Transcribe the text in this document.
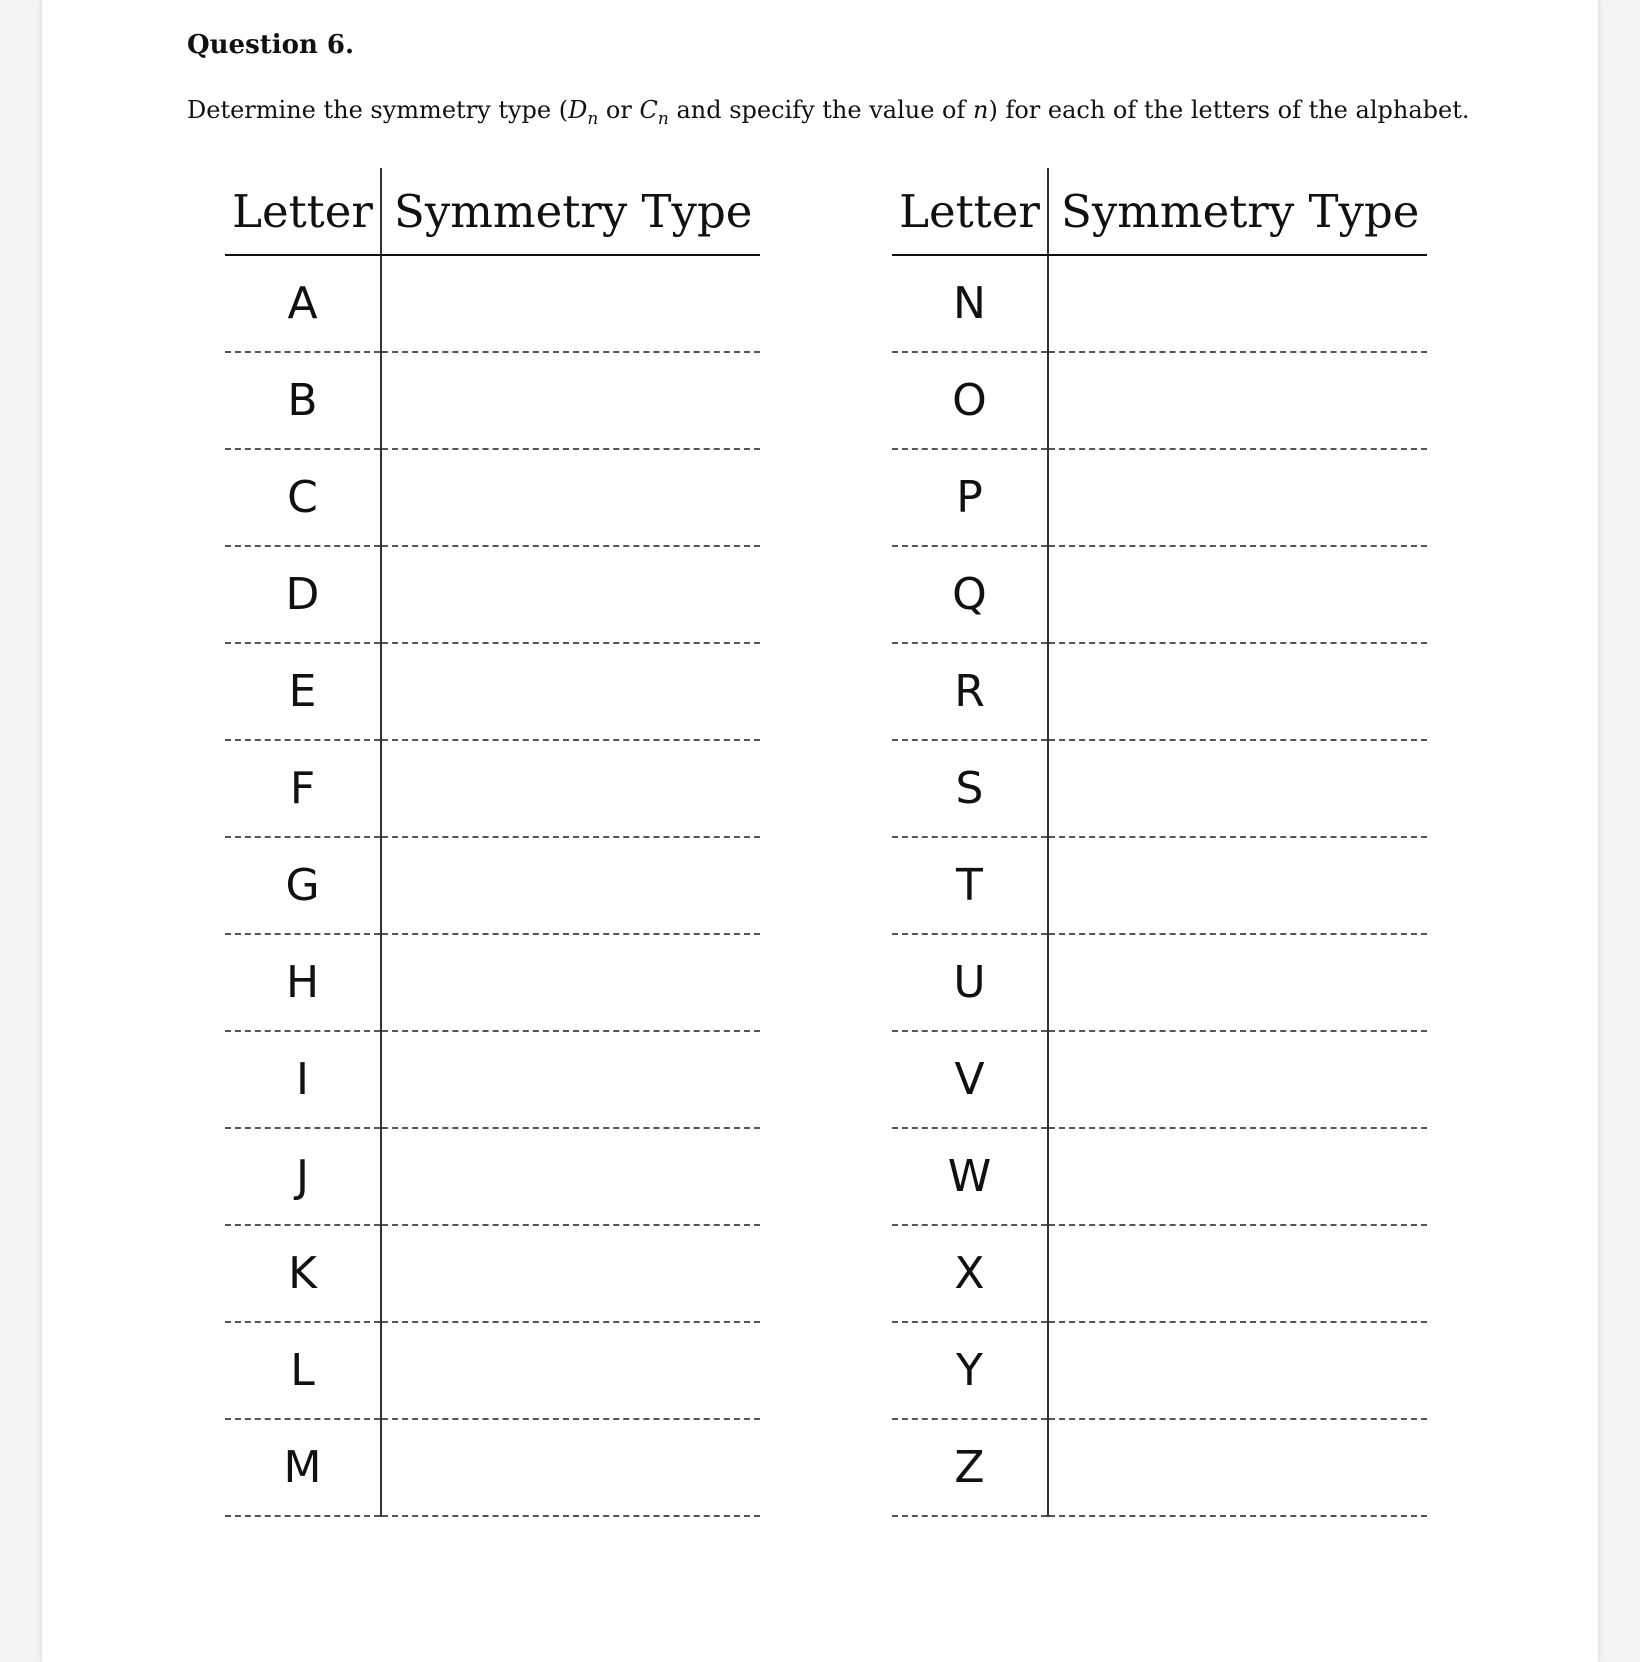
Question 6.
Determine the symmetry type ($D_n$ or $C_n$ and specify the value of n) for each of the letters of the alphabet.
Letter	Symmetry Type
A	
B	
C	
D	
E	
F	
G	
H	
I	
J	
K	
L	
M	
Letter	Symmetry Type
N	
O	
P	
Q	
R	
S	
T	
U	
V	
W	
X	
Y	
Z	
